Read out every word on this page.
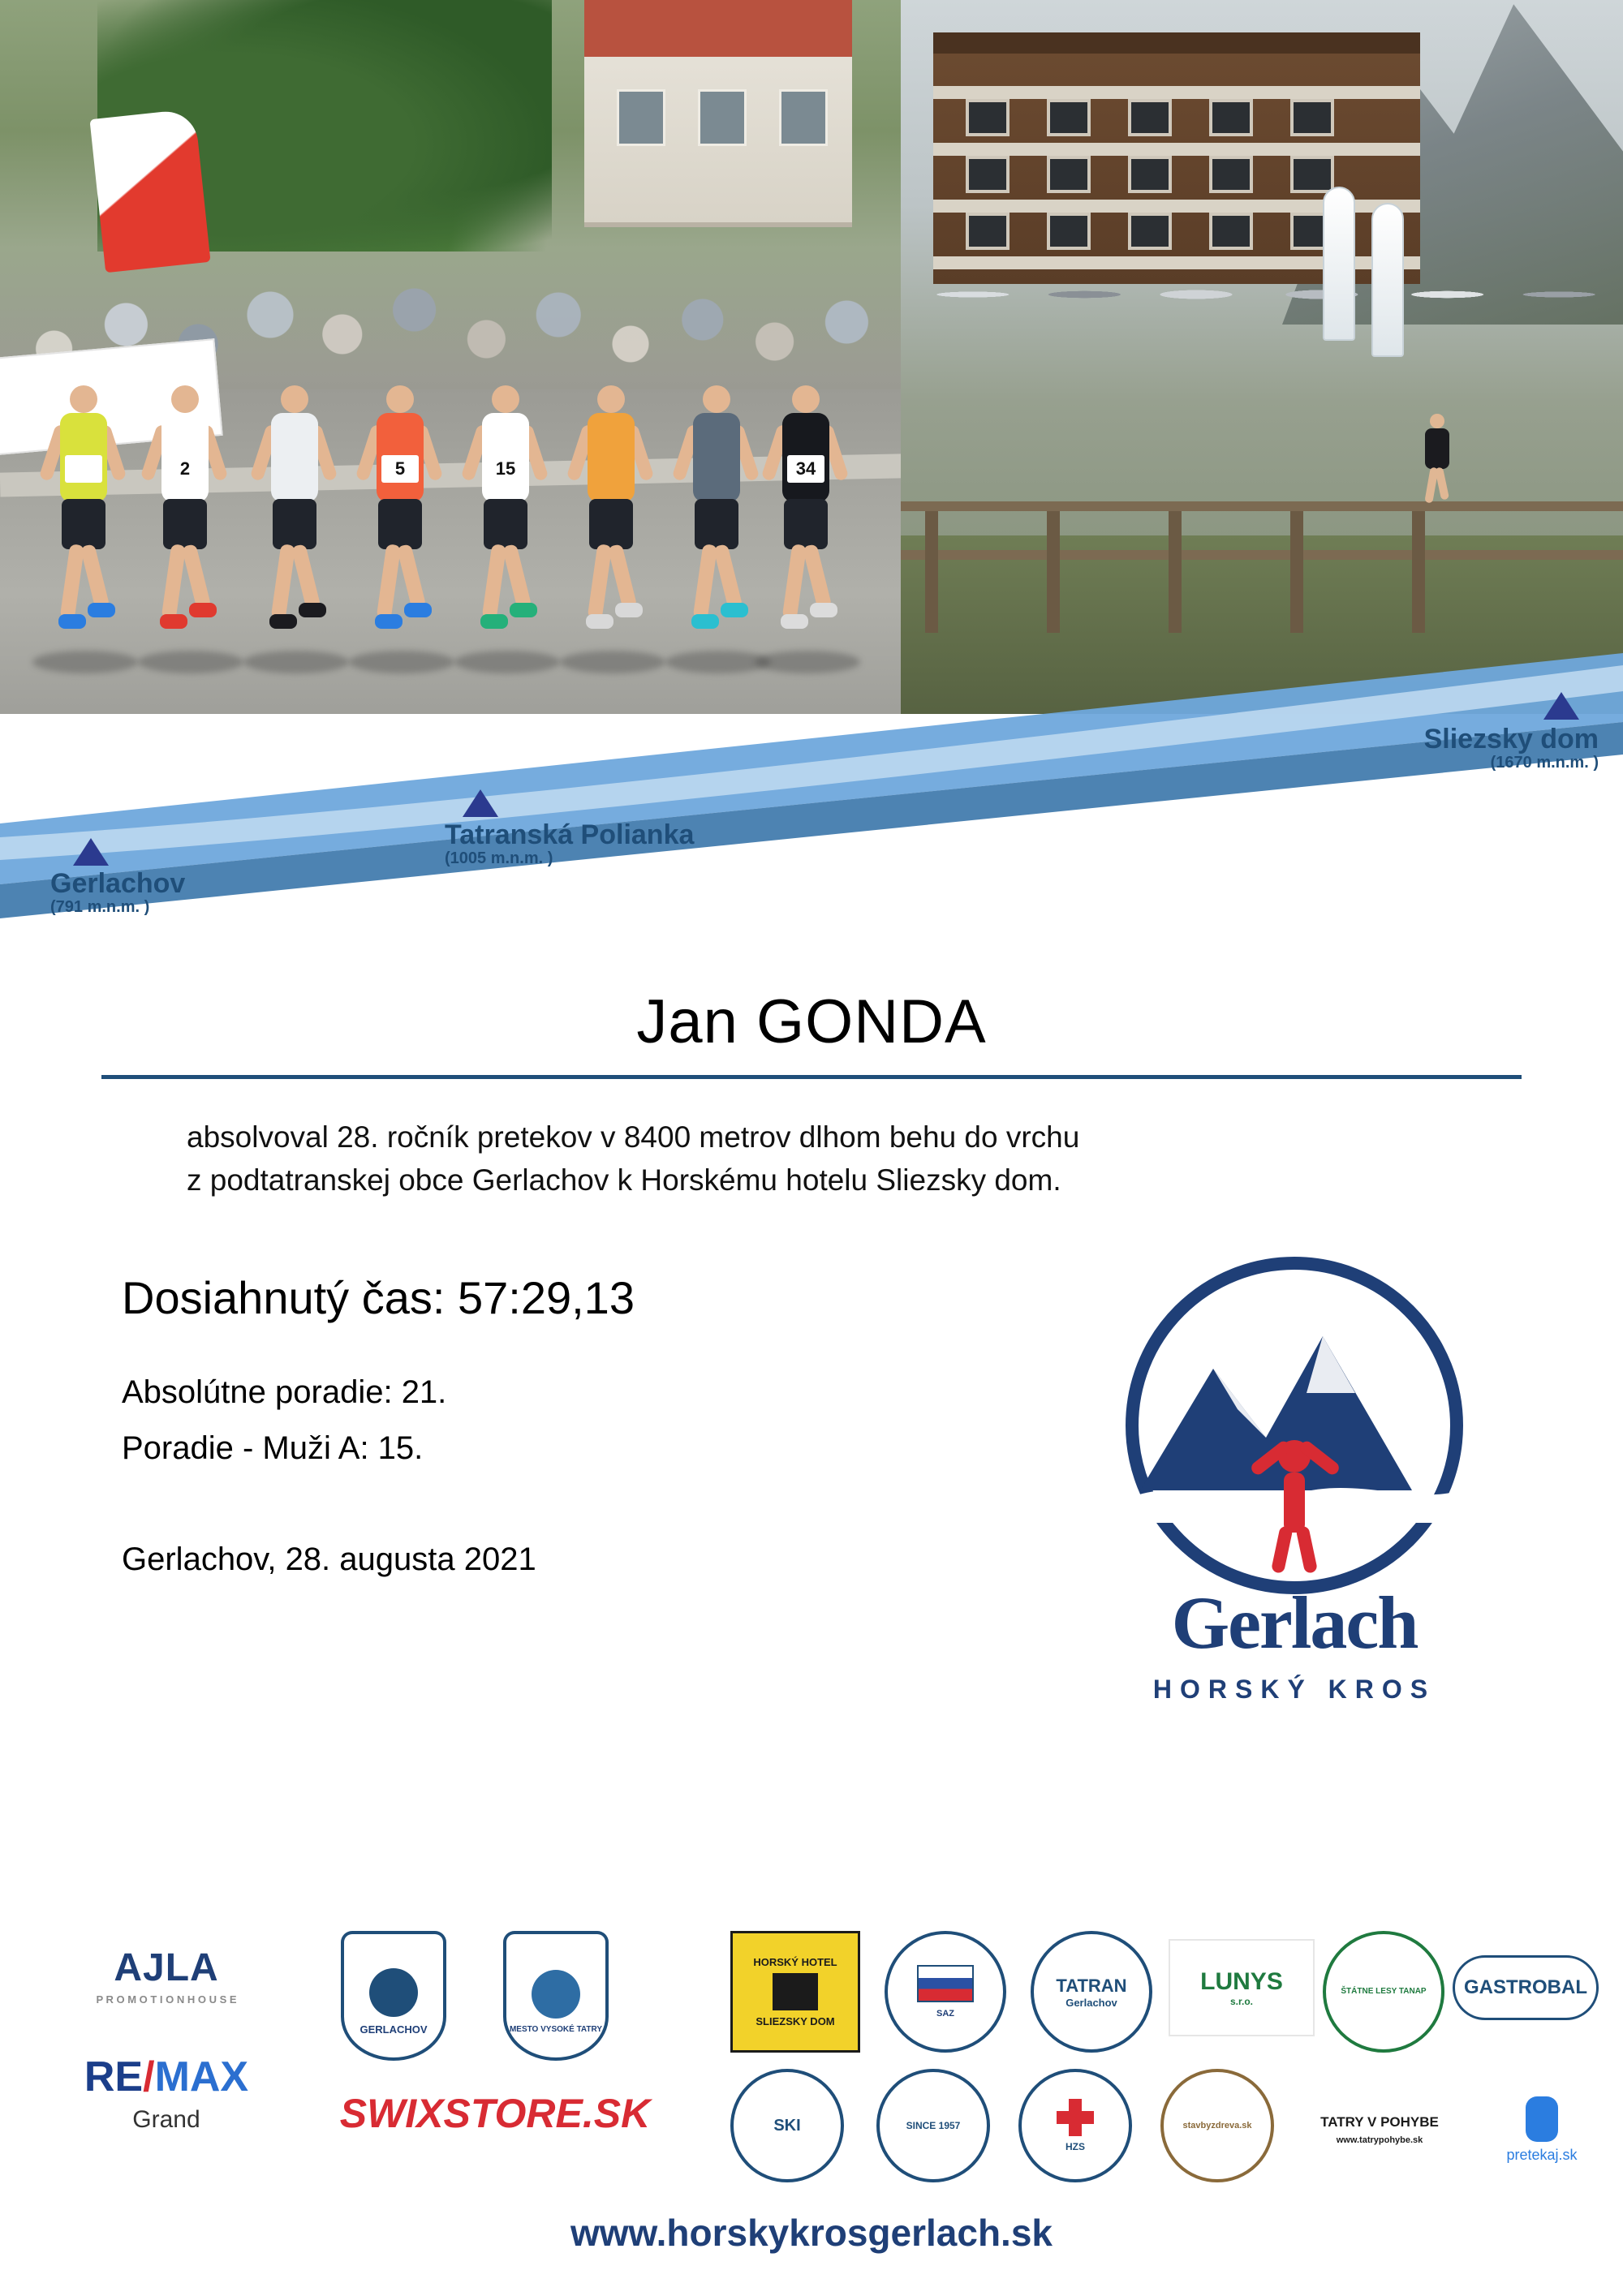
2	5	15	34
Sliezsky dom
(1670 m.n.m. )
Tatranská Polianka
(1005 m.n.m. )
Gerlachov
(791 m.n.m. )
Jan GONDA
absolvoval 28. ročník pretekov v 8400 metrov dlhom behu do vrchu
z podtatranskej obce Gerlachov k Horskému hotelu Sliezsky dom.
Dosiahnutý čas: 57:29,13
Absolútne poradie: 21.
Poradie - Muži A: 15.
Gerlachov, 28. augusta 2021
Gerlach
HORSKÝ KROS
AJLA
P R O M O T I O N H O U S E
RE/MAX
Grand
GERLACHOV	MESTO VYSOKÉ TATRY
SWIXSTORE.SK
HORSKÝ HOTEL
SLIEZSKY DOM
SAZ
TATRAN
Gerlachov
LUNYS
s.r.o.
ŠTÁTNE LESY TANAP GASTROBAL
SKI	SINCE 1957
HZS
stavbyzdreva.sk	TATRY V POHYBE
www.tatrypohybe.sk
pretekaj.sk
www.horskykrosgerlach.sk
